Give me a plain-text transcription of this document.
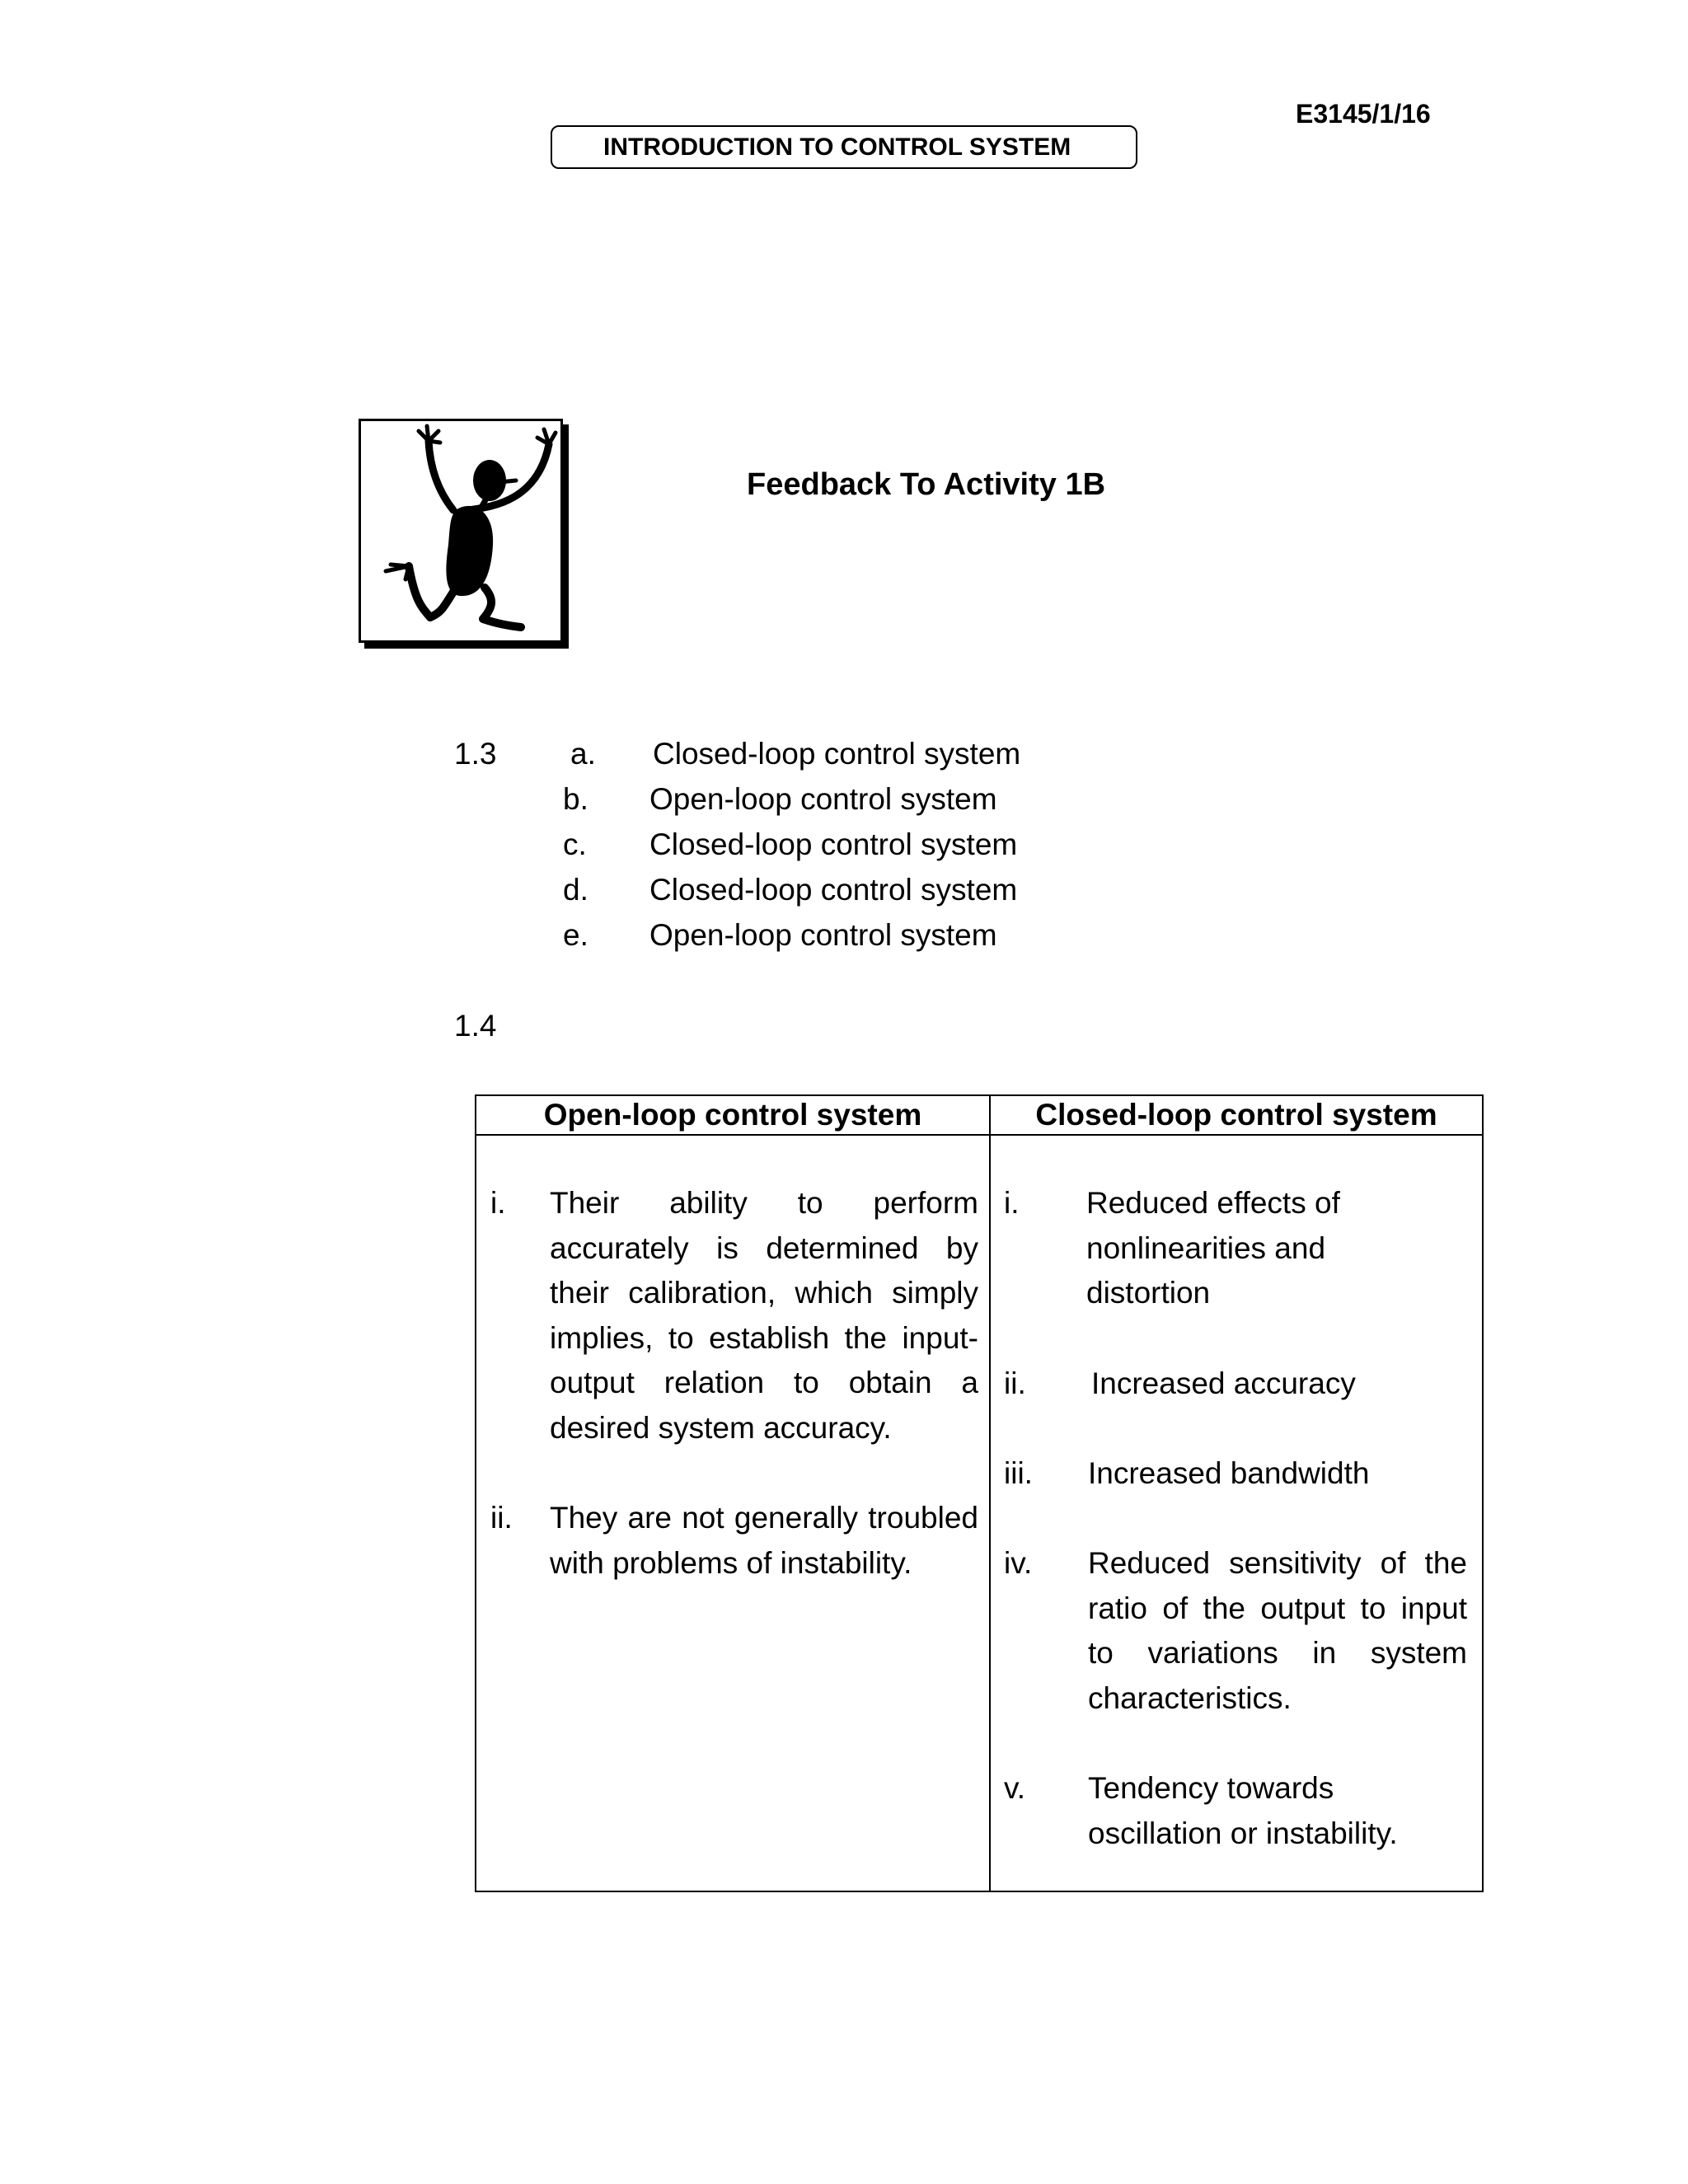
E3145/1/16
INTRODUCTION TO CONTROL SYSTEM
Feedback To Activity 1B
1.3 a. Closed-loop control system
b. Open-loop control system
c. Closed-loop control system
d. Closed-loop control system
e. Open-loop control system
1.4
Open-loop control system	Closed-loop control system
i. Their ability to perform accurately is determined by their calibration, which simply implies, to establish the input-output relation to obtain a desired system accuracy.
ii. They are not generally troubled with problems of instability.
i. Reduced effects of nonlinearities and distortion
ii. Increased accuracy
iii. Increased bandwidth
iv. Reduced sensitivity of the ratio of the output to input to variations in system characteristics.
v. Tendency towards oscillation or instability.
